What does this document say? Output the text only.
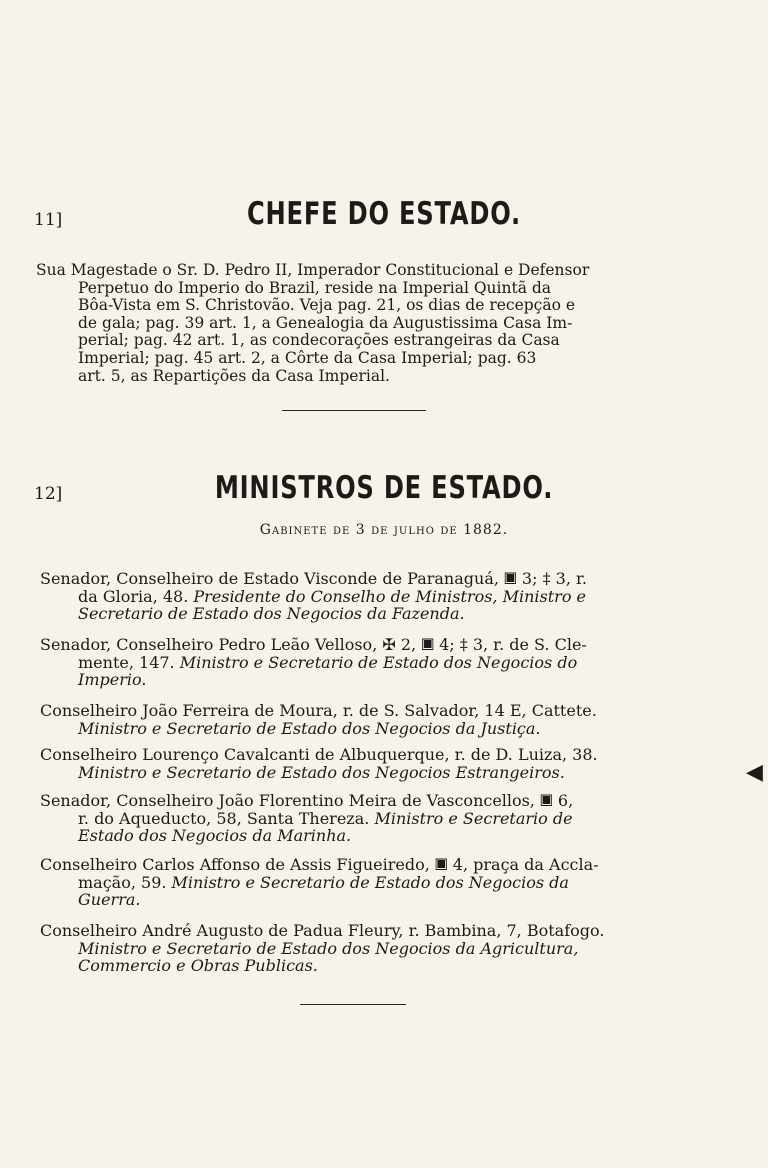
11]	CHEFE DO ESTADO.
Sua Magestade o Sr. D. Pedro II, Imperador Constitucional e Defensor
Perpetuo do Imperio do Brazil, reside na Imperial Quintã da
Bôa-Vista em S. Christovão. Veja pag. 21, os dias de recepção e
de gala; pag. 39 art. 1, a Genealogia da Augustissima Casa Im-
perial; pag. 42 art. 1, as condecorações estrangeiras da Casa
Imperial; pag. 45 art. 2, a Côrte da Casa Imperial; pag. 63
art. 5, as Repartições da Casa Imperial.
12]	MINISTROS DE ESTADO.
Gabinete de 3 de julho de 1882.
Senador, Conselheiro de Estado Visconde de Paranaguá, 🞕 3; ‡ 3, r.
da Gloria, 48. Presidente do Conselho de Ministros, Ministro e
Secretario de Estado dos Negocios da Fazenda.
Senador, Conselheiro Pedro Leão Velloso, ✠ 2, 🞕 4; ‡ 3, r. de S. Cle-
mente, 147. Ministro e Secretario de Estado dos Negocios do
Imperio.
Conselheiro João Ferreira de Moura, r. de S. Salvador, 14 E, Cattete.
Ministro e Secretario de Estado dos Negocios da Justiça.
Conselheiro Lourenço Cavalcanti de Albuquerque, r. de D. Luiza, 38.
Ministro e Secretario de Estado dos Negocios Estrangeiros.
Senador, Conselheiro João Florentino Meira de Vasconcellos, 🞕 6,
r. do Aqueducto, 58, Santa Thereza. Ministro e Secretario de
Estado dos Negocios da Marinha.
Conselheiro Carlos Affonso de Assis Figueiredo, 🞕 4, praça da Accla-
mação, 59. Ministro e Secretario de Estado dos Negocios da
Guerra.
Conselheiro André Augusto de Padua Fleury, r. Bambina, 7, Botafogo.
Ministro e Secretario de Estado dos Negocios da Agricultura,
Commercio e Obras Publicas.
◀
